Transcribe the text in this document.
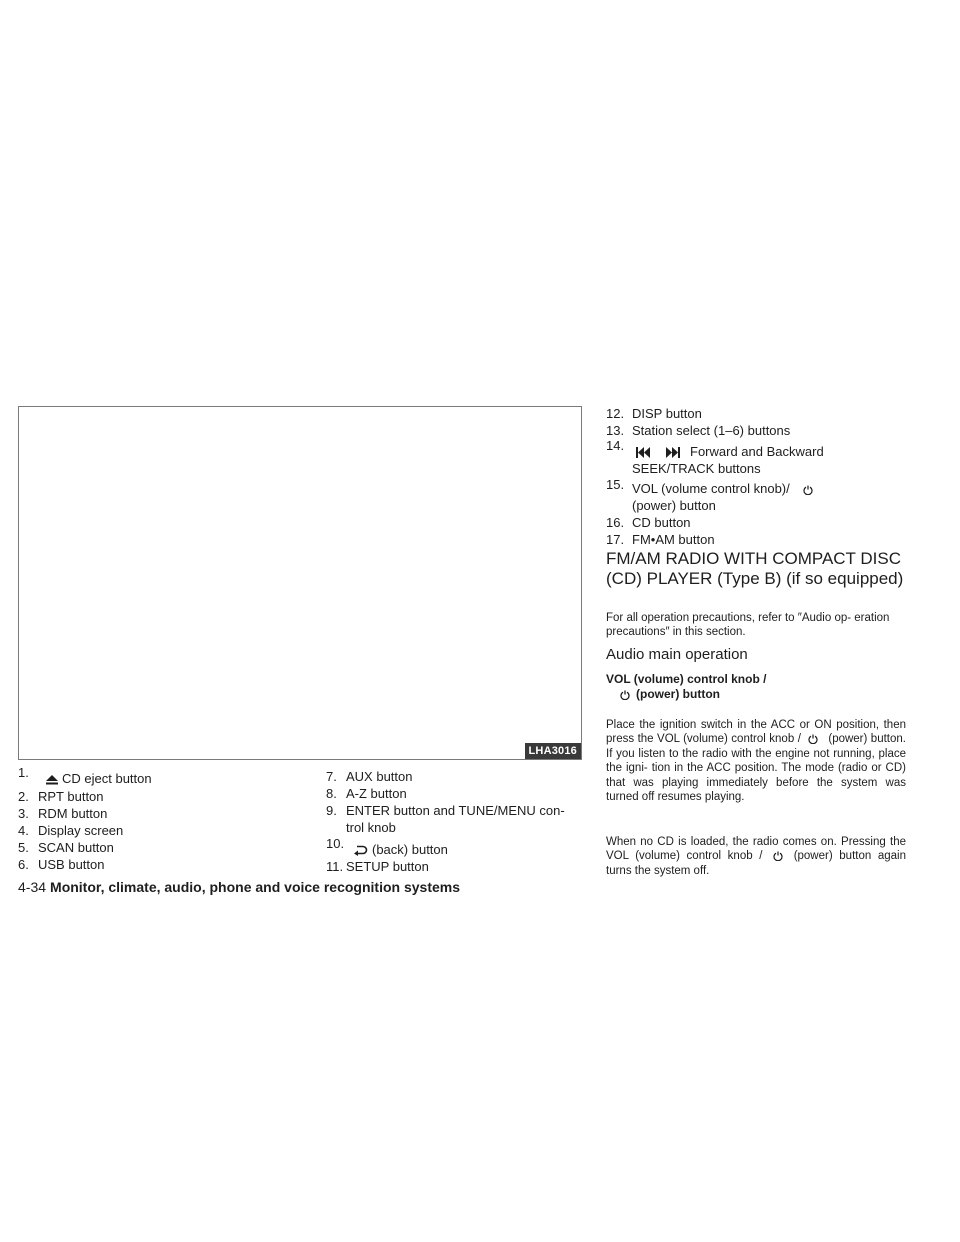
LHA3016
1.	CD eject button
2. RPT button
3. RDM button
4. Display screen
5. SCAN button
6. USB button
7. AUX button
8. A-Z button
9. ENTER button and TUNE/MENU con-
trol knob
10. (back) button
11. SETUP button
12. DISP button
13. Station select (1–6) buttons
14.	Forward and Backward
SEEK/TRACK buttons
15. VOL (volume control knob)/
(power) button
16. CD button
17. FM•AM button
FM/AM RADIO WITH COMPACT DISC (CD) PLAYER (Type B) (if so equipped)
For all operation precautions, refer to ″Audio op- eration precautions″ in this section.
Audio main operation
VOL (volume) control knob /
(power) button
Place the ignition switch in the ACC or ON position, then press the VOL (volume) control knob / (power) button. If you listen to the radio with the engine not running, place the igni- tion in the ACC position. The mode (radio or CD) that was playing immediately before the system was turned off resumes playing.
When no CD is loaded, the radio comes on. Pressing the VOL (volume) control knob /	(power) button again turns the system off.
4-34 Monitor, climate, audio, phone and voice recognition systems
